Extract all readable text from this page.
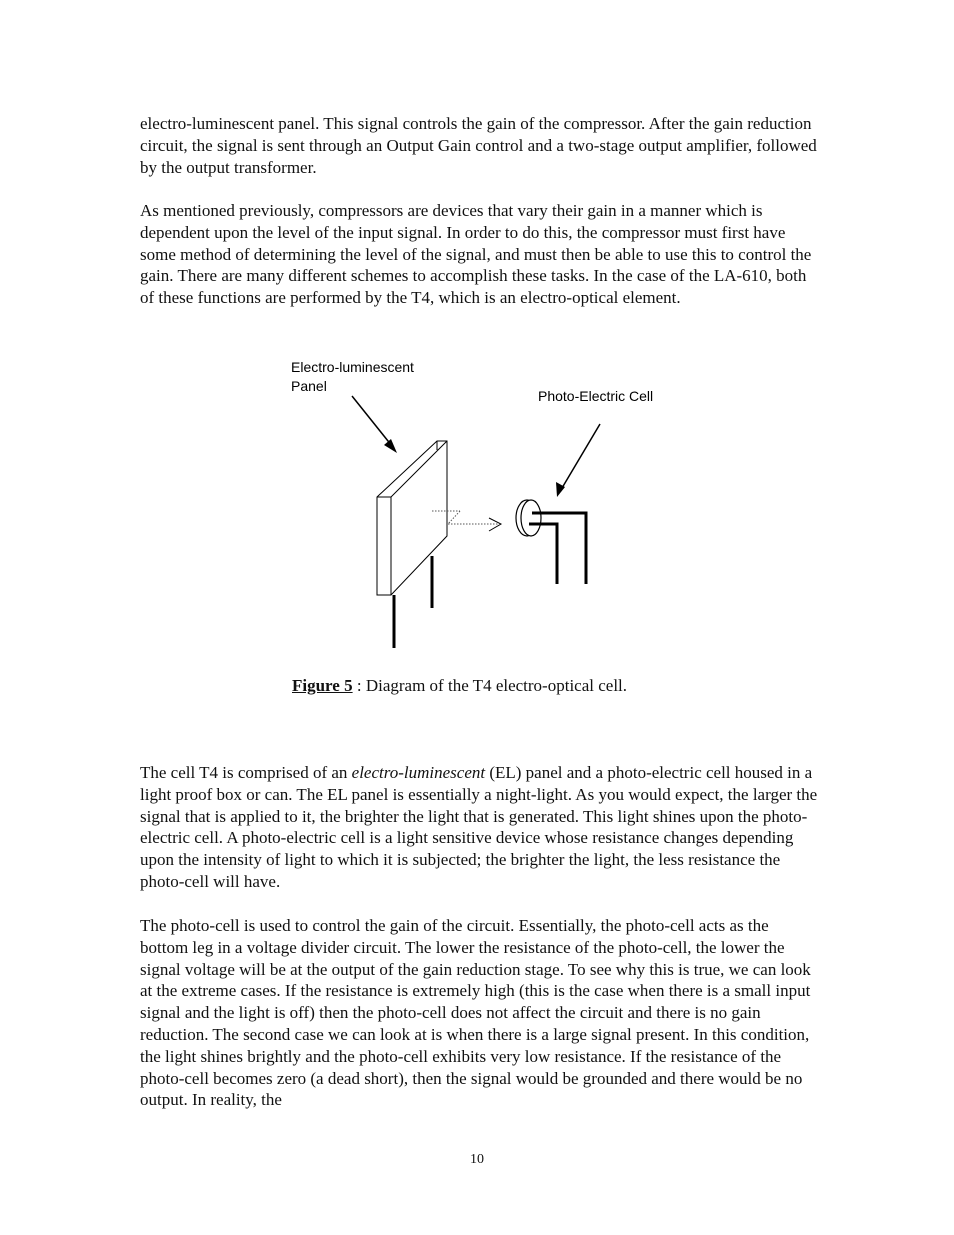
electro-luminescent panel. This signal controls the gain of the compressor. After the gain reduction circuit, the signal is sent through an Output Gain control and a two-stage output amplifier, followed by the output transformer.

As mentioned previously, compressors are devices that vary their gain in a manner which is dependent upon the level of the input signal. In order to do this, the compressor must first have some method of determining the level of the signal, and must then be able to use this to control the gain. There are many different schemes to accomplish these tasks. In the case of the LA-610, both of these functions are performed by the T4, which is an electro-optical element.

Electro-luminescent
Panel
Photo-Electric Cell
Figure 5 : Diagram of the T4 electro-optical cell.

The cell T4 is comprised of an electro-luminescent (EL) panel and a photo-electric cell housed in a light proof box or can. The EL panel is essentially a night-light. As you would expect, the larger the signal that is applied to it, the brighter the light that is generated. This light shines upon the photo-electric cell. A photo-electric cell is a light sensitive device whose resistance changes depending upon the intensity of light to which it is subjected; the brighter the light, the less resistance the photo-cell will have.

The photo-cell is used to control the gain of the circuit. Essentially, the photo-cell acts as the bottom leg in a voltage divider circuit. The lower the resistance of the photo-cell, the lower the signal voltage will be at the output of the gain reduction stage. To see why this is true, we can look at the extreme cases. If the resistance is extremely high (this is the case when there is a small input signal and the light is off) then the photo-cell does not affect the circuit and there is no gain reduction. The second case we can look at is when there is a large signal present. In this condition, the light shines brightly and the photo-cell exhibits very low resistance. If the resistance of the photo-cell becomes zero (a dead short), then the signal would be grounded and there would be no output. In reality, the

10
